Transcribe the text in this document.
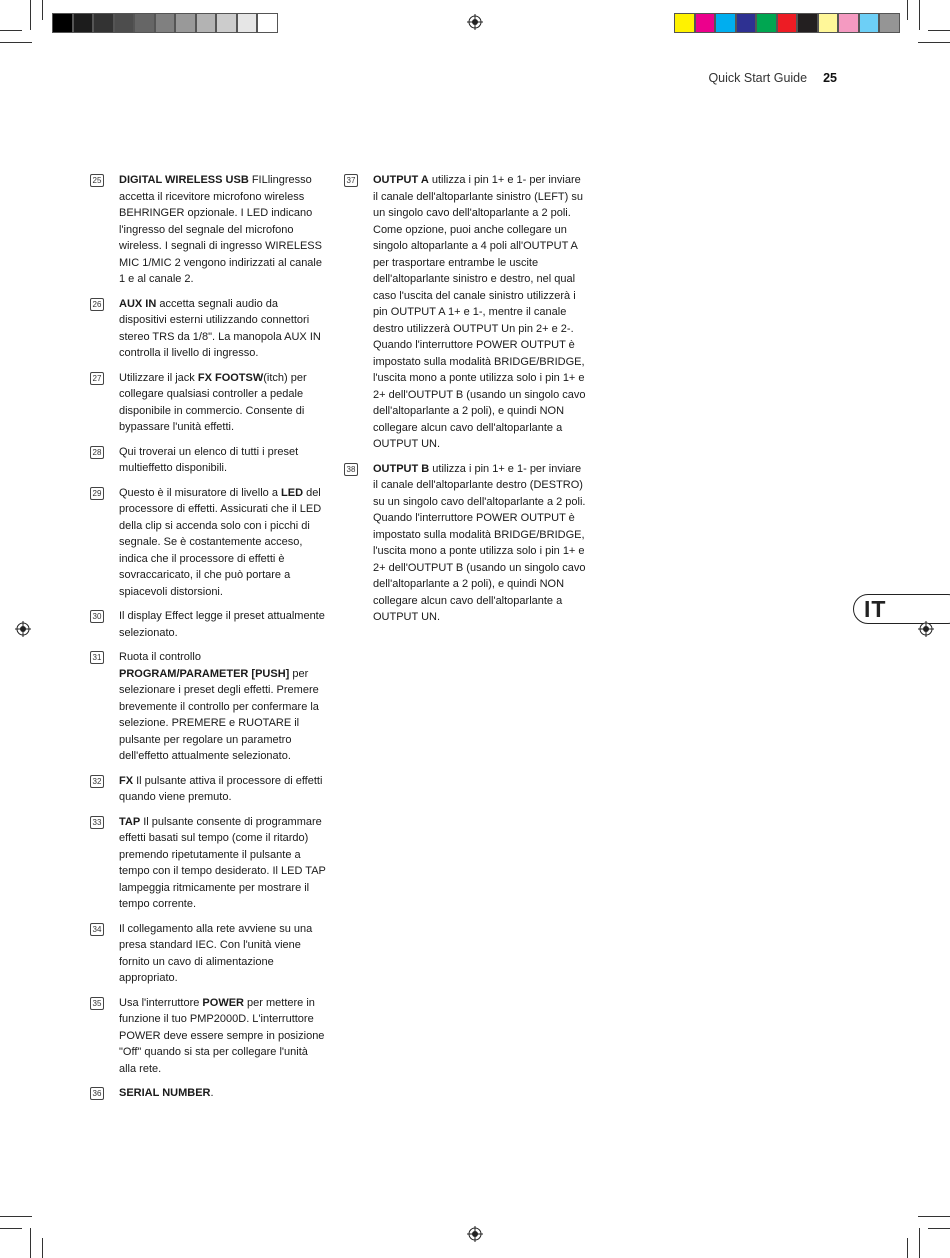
Quick Start Guide 25
IT
25 DIGITAL WIRELESS USB FILlingresso accetta il ricevitore microfono wireless BEHRINGER opzionale. I LED indicano l'ingresso del segnale del microfono wireless. I segnali di ingresso WIRELESS MIC 1/MIC 2 vengono indirizzati al canale 1 e al canale 2.
26 AUX IN accetta segnali audio da dispositivi esterni utilizzando connettori stereo TRS da 1/8". La manopola AUX IN controlla il livello di ingresso.
27 Utilizzare il jack FX FOOTSW(itch) per collegare qualsiasi controller a pedale disponibile in commercio. Consente di bypassare l'unità effetti.
28 Qui troverai un elenco di tutti i preset multieffetto disponibili.
29 Questo è il misuratore di livello a LED del processore di effetti. Assicurati che il LED della clip si accenda solo con i picchi di segnale. Se è costantemente acceso, indica che il processore di effetti è sovraccaricato, il che può portare a spiacevoli distorsioni.
30 Il display Effect legge il preset attualmente selezionato.
31 Ruota il controllo PROGRAM/PARAMETER [PUSH] per selezionare i preset degli effetti. Premere brevemente il controllo per confermare la selezione. PREMERE e RUOTARE il pulsante per regolare un parametro dell'effetto attualmente selezionato.
32 FX Il pulsante attiva il processore di effetti quando viene premuto.
33 TAP Il pulsante consente di programmare effetti basati sul tempo (come il ritardo) premendo ripetutamente il pulsante a tempo con il tempo desiderato. Il LED TAP lampeggia ritmicamente per mostrare il tempo corrente.
34 Il collegamento alla rete avviene su una presa standard IEC. Con l'unità viene fornito un cavo di alimentazione appropriato.
35 Usa l'interruttore POWER per mettere in funzione il tuo PMP2000D. L'interruttore POWER deve essere sempre in posizione "Off" quando si sta per collegare l'unità alla rete.
36 SERIAL NUMBER.
37 OUTPUT A utilizza i pin 1+ e 1- per inviare il canale dell'altoparlante sinistro (LEFT) su un singolo cavo dell'altoparlante a 2 poli. Come opzione, puoi anche collegare un singolo altoparlante a 4 poli all'OUTPUT A per trasportare entrambe le uscite dell'altoparlante sinistro e destro, nel qual caso l'uscita del canale sinistro utilizzerà i pin OUTPUT A 1+ e 1-, mentre il canale destro utilizzerà OUTPUT Un pin 2+ e 2-. Quando l'interruttore POWER OUTPUT è impostato sulla modalità BRIDGE/BRIDGE, l'uscita mono a ponte utilizza solo i pin 1+ e 2+ dell'OUTPUT B (usando un singolo cavo dell'altoparlante a 2 poli), e quindi NON collegare alcun cavo dell'altoparlante a OUTPUT UN.
38 OUTPUT B utilizza i pin 1+ e 1- per inviare il canale dell'altoparlante destro (DESTRO) su un singolo cavo dell'altoparlante a 2 poli. Quando l'interruttore POWER OUTPUT è impostato sulla modalità BRIDGE/BRIDGE, l'uscita mono a ponte utilizza solo i pin 1+ e 2+ dell'OUTPUT B (usando un singolo cavo dell'altoparlante a 2 poli), e quindi NON collegare alcun cavo dell'altoparlante a OUTPUT UN.
